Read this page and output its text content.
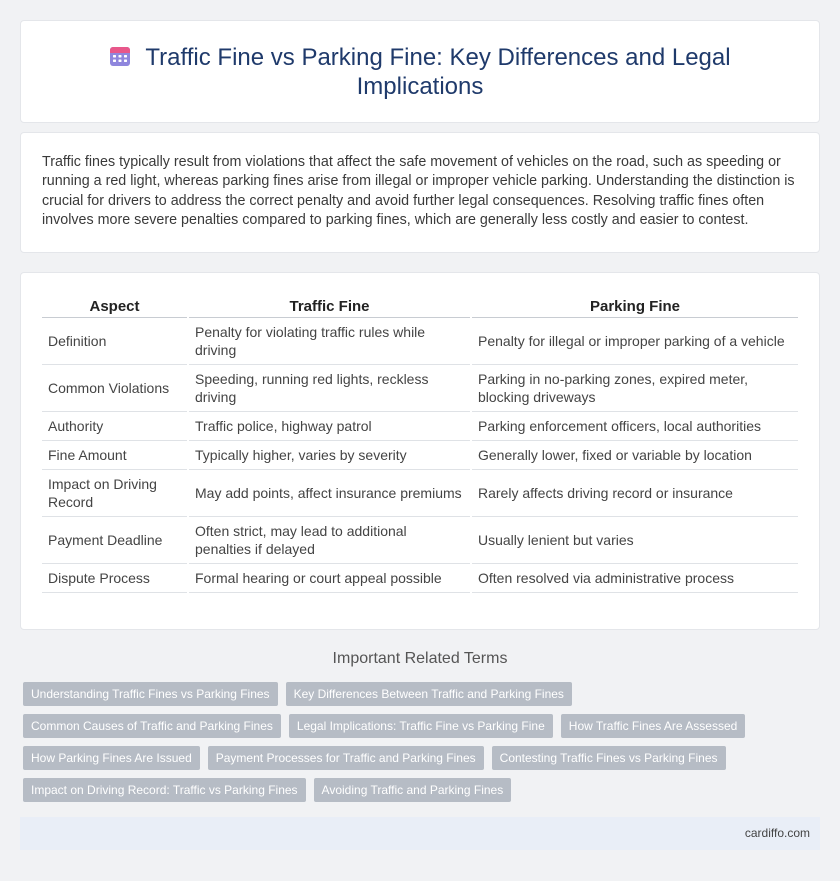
Traffic Fine vs Parking Fine: Key Differences and Legal Implications

Traffic fines typically result from violations that affect the safe movement of vehicles on the road, such as speeding or running a red light, whereas parking fines arise from illegal or improper vehicle parking. Understanding the distinction is crucial for drivers to address the correct penalty and avoid further legal consequences. Resolving traffic fines often involves more severe penalties compared to parking fines, which are generally less costly and easier to contest.

Aspect	Traffic Fine	Parking Fine
Definition	Penalty for violating traffic rules while driving	Penalty for illegal or improper parking of a vehicle
Common Violations	Speeding, running red lights, reckless driving	Parking in no-parking zones, expired meter, blocking driveways
Authority	Traffic police, highway patrol	Parking enforcement officers, local authorities
Fine Amount	Typically higher, varies by severity	Generally lower, fixed or variable by location
Impact on Driving Record	May add points, affect insurance premiums	Rarely affects driving record or insurance
Payment Deadline	Often strict, may lead to additional penalties if delayed	Usually lenient but varies
Dispute Process	Formal hearing or court appeal possible	Often resolved via administrative process
Important Related Terms
Understanding Traffic Fines vs Parking Fines	Key Differences Between Traffic and Parking Fines
Common Causes of Traffic and Parking Fines	Legal Implications: Traffic Fine vs Parking Fine	How Traffic Fines Are Assessed
How Parking Fines Are Issued	Payment Processes for Traffic and Parking Fines	Contesting Traffic Fines vs Parking Fines
Impact on Driving Record: Traffic vs Parking Fines	Avoiding Traffic and Parking Fines
cardiffo.com
